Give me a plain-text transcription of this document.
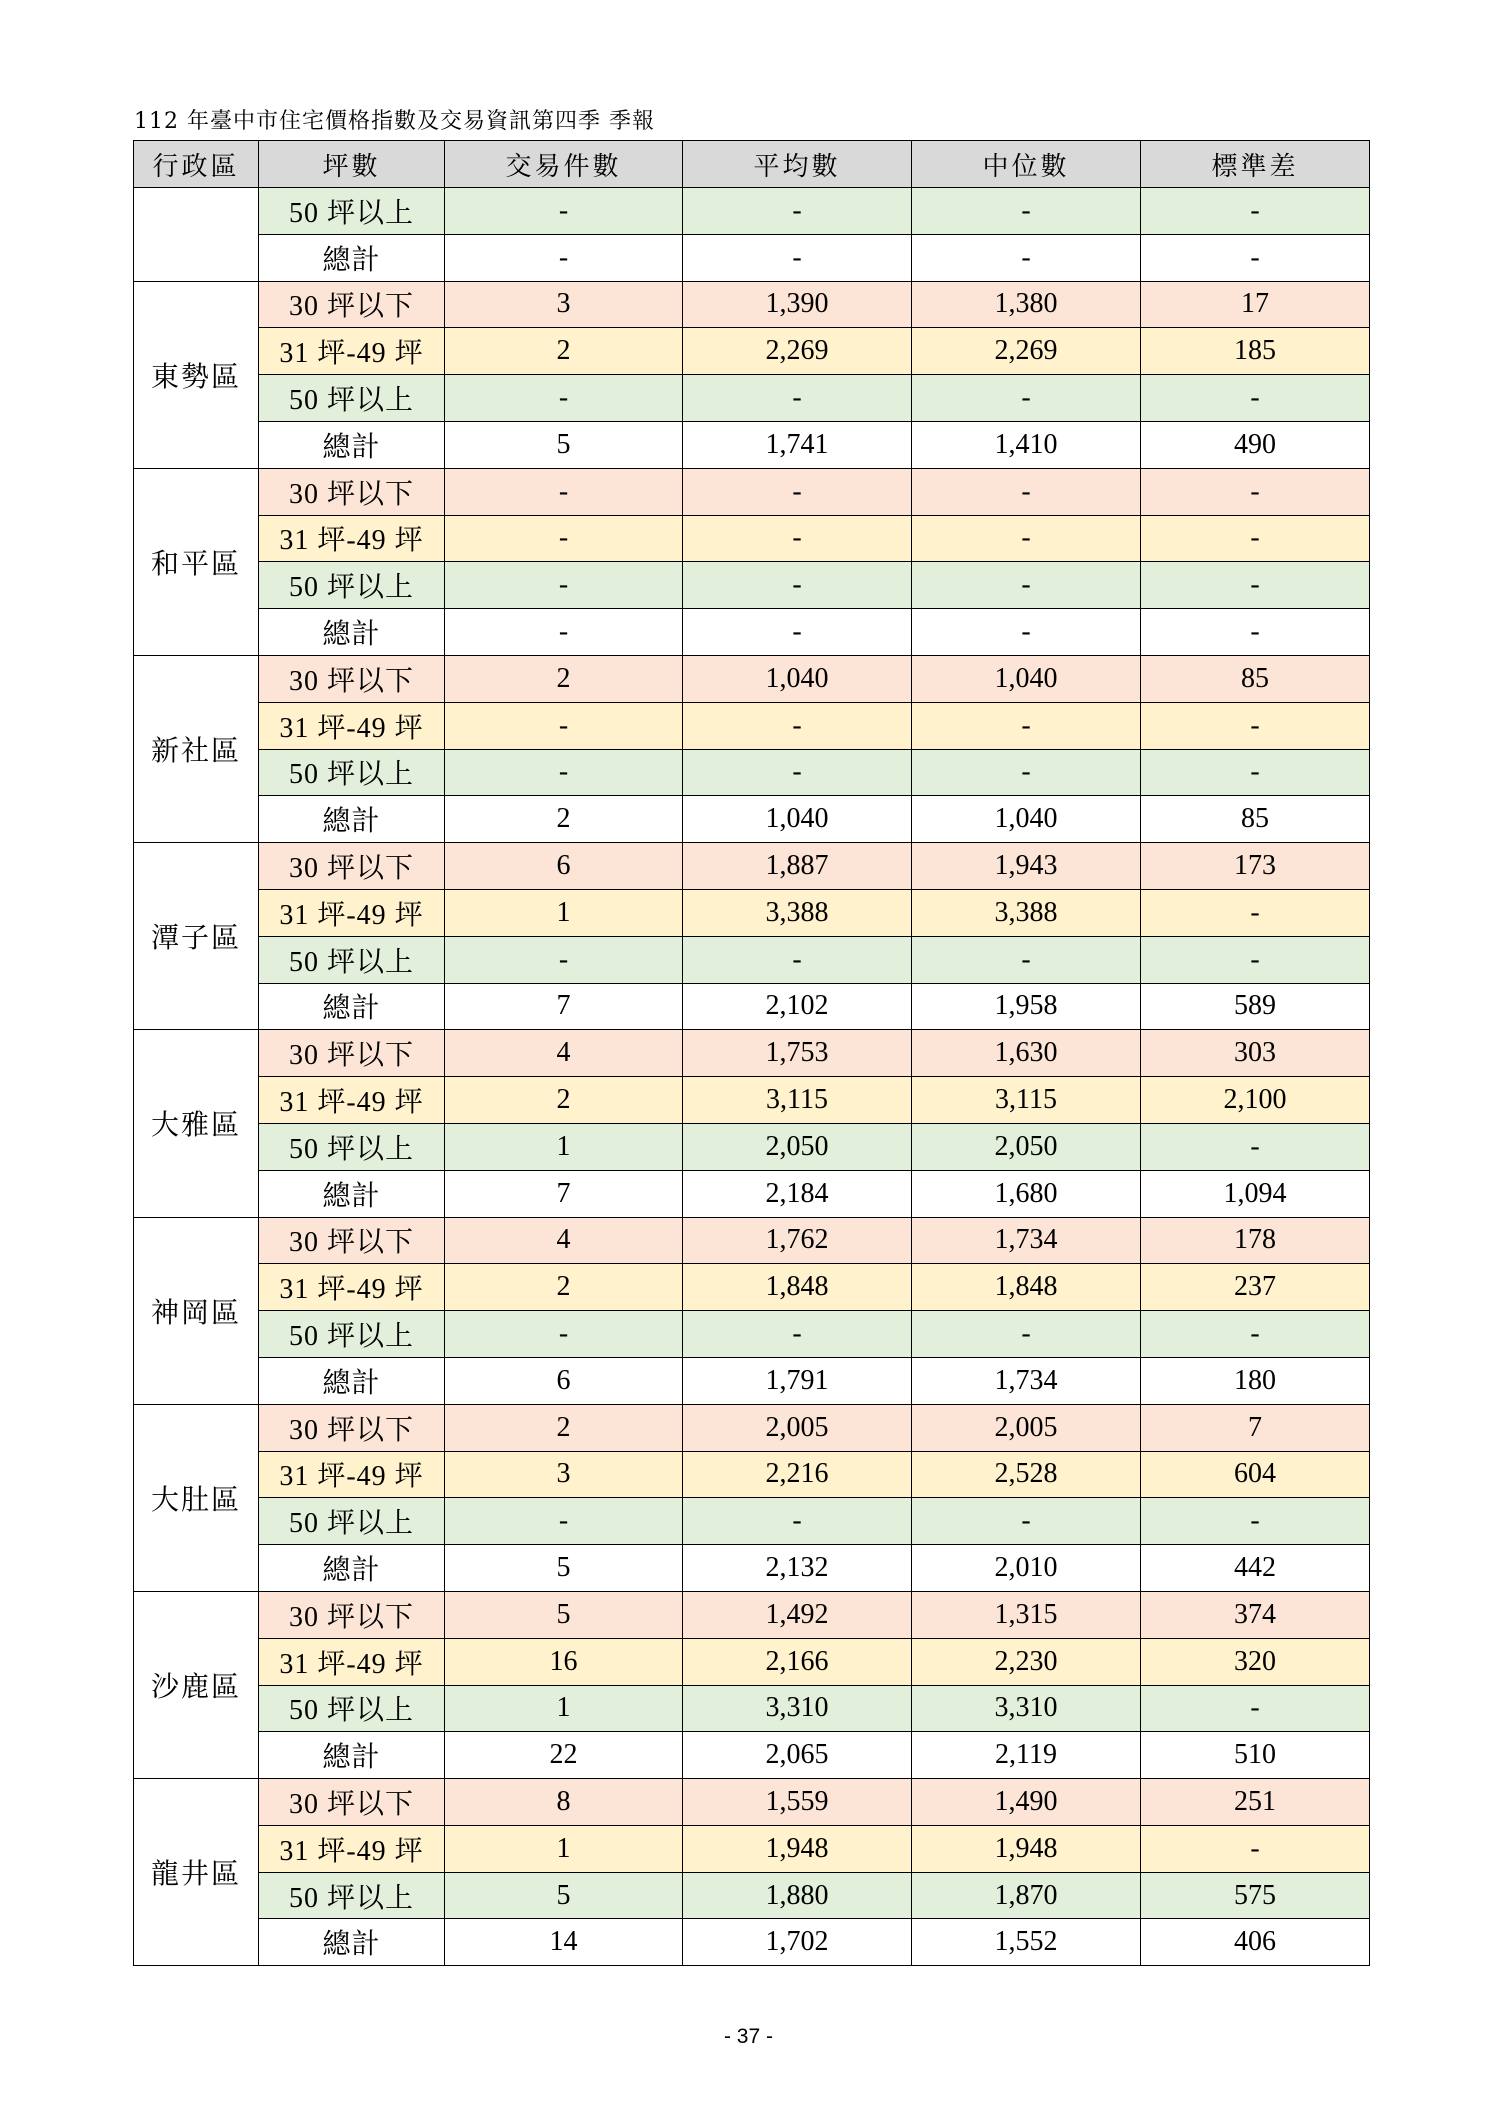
112 年臺中市住宅價格指數及交易資訊第四季 季報
行政區	坪數	交易件數	平均數	中位數	標準差
	50 坪以上	-	-	-	-
	總計	-	-	-	-
東勢區	30 坪以下	3	1,390	1,380	17
	31 坪-49 坪	2	2,269	2,269	185
	50 坪以上	-	-	-	-
	總計	5	1,741	1,410	490
和平區	30 坪以下	-	-	-	-
	31 坪-49 坪	-	-	-	-
	50 坪以上	-	-	-	-
	總計	-	-	-	-
新社區	30 坪以下	2	1,040	1,040	85
	31 坪-49 坪	-	-	-	-
	50 坪以上	-	-	-	-
	總計	2	1,040	1,040	85
潭子區	30 坪以下	6	1,887	1,943	173
	31 坪-49 坪	1	3,388	3,388	-
	50 坪以上	-	-	-	-
	總計	7	2,102	1,958	589
大雅區	30 坪以下	4	1,753	1,630	303
	31 坪-49 坪	2	3,115	3,115	2,100
	50 坪以上	1	2,050	2,050	-
	總計	7	2,184	1,680	1,094
神岡區	30 坪以下	4	1,762	1,734	178
	31 坪-49 坪	2	1,848	1,848	237
	50 坪以上	-	-	-	-
	總計	6	1,791	1,734	180
大肚區	30 坪以下	2	2,005	2,005	7
	31 坪-49 坪	3	2,216	2,528	604
	50 坪以上	-	-	-	-
	總計	5	2,132	2,010	442
沙鹿區	30 坪以下	5	1,492	1,315	374
	31 坪-49 坪	16	2,166	2,230	320
	50 坪以上	1	3,310	3,310	-
	總計	22	2,065	2,119	510
龍井區	30 坪以下	8	1,559	1,490	251
	31 坪-49 坪	1	1,948	1,948	-
	50 坪以上	5	1,880	1,870	575
	總計	14	1,702	1,552	406
- 37 -
